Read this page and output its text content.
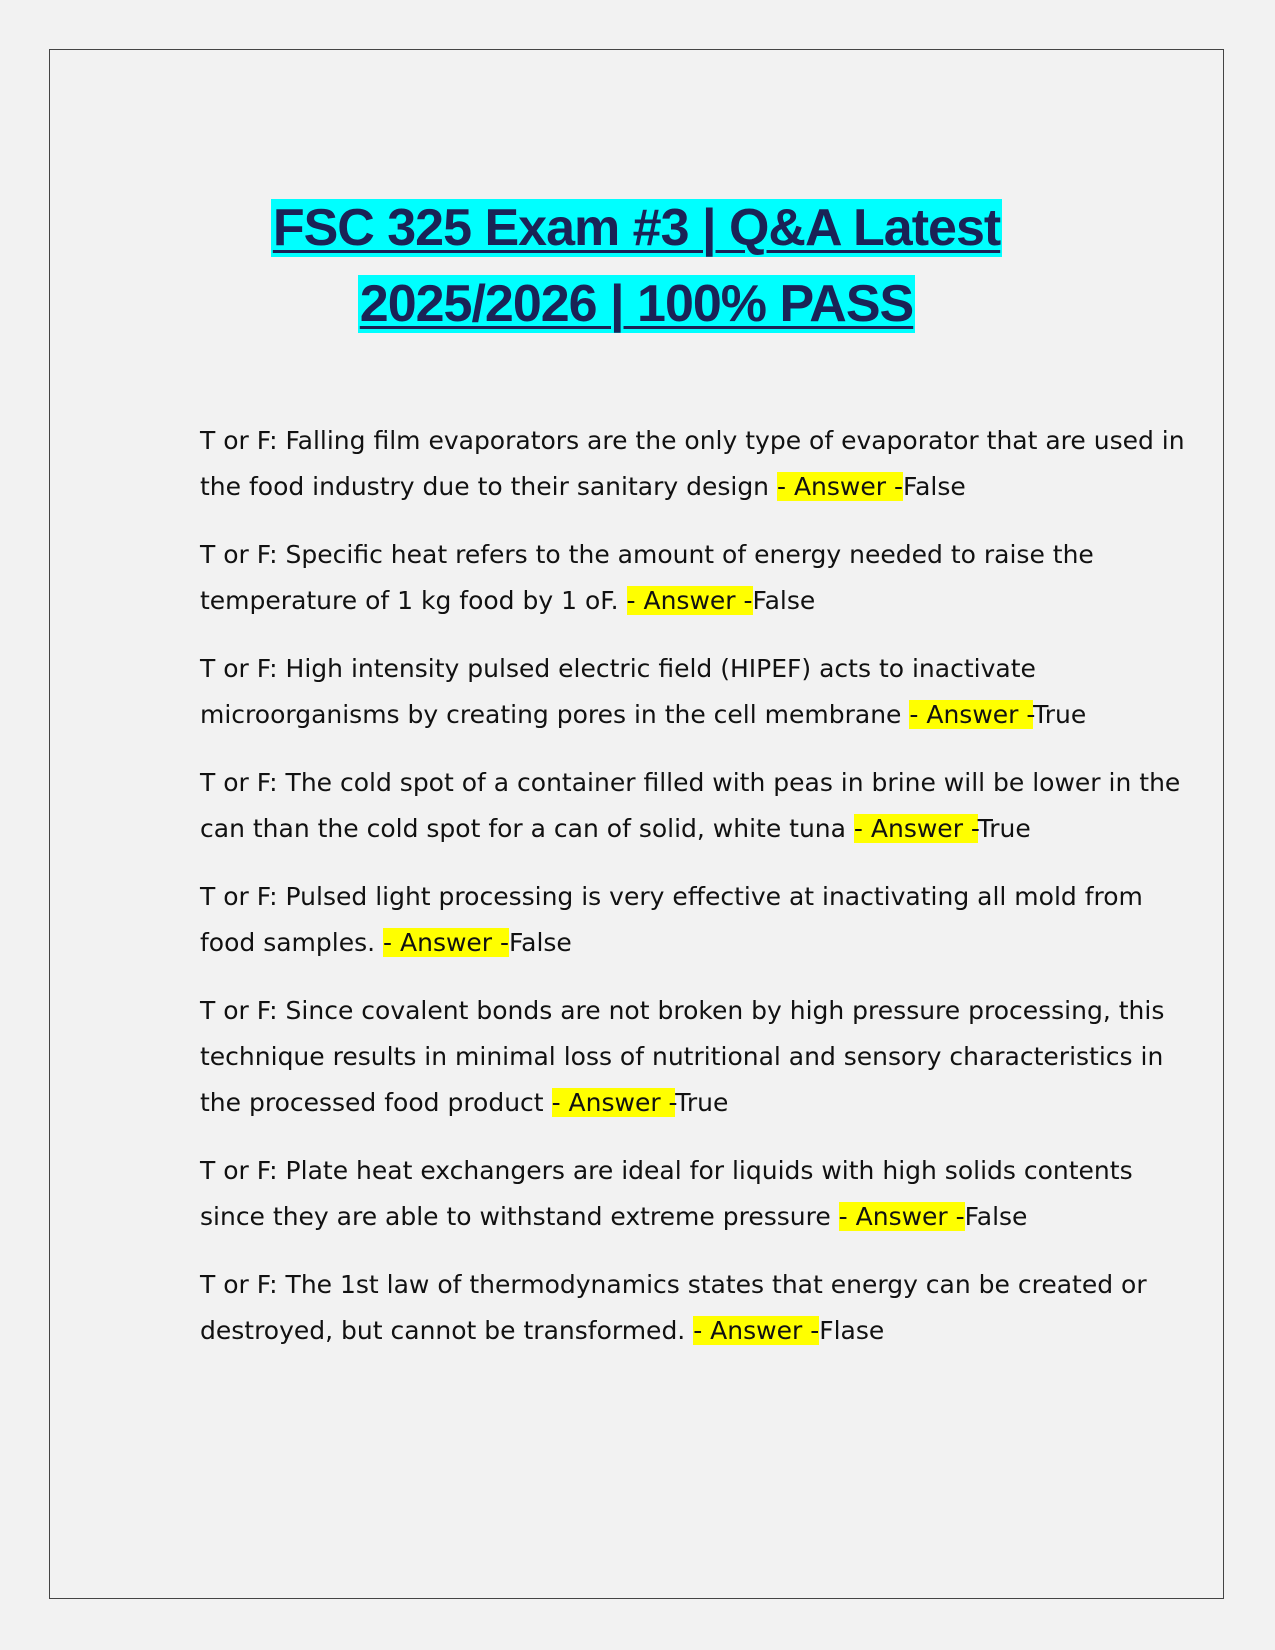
FSC 325 Exam #3 | Q&A Latest
2025/2026 | 100% PASS

T or F: Falling film evaporators are the only type of evaporator that are used in the food industry due to their sanitary design - Answer -False

T or F: Specific heat refers to the amount of energy needed to raise the temperature of 1 kg food by 1 oF. - Answer -False

T or F: High intensity pulsed electric field (HIPEF) acts to inactivate microorganisms by creating pores in the cell membrane - Answer -True

T or F: The cold spot of a container filled with peas in brine will be lower in the can than the cold spot for a can of solid, white tuna - Answer -True

T or F: Pulsed light processing is very effective at inactivating all mold from food samples. - Answer -False

T or F: Since covalent bonds are not broken by high pressure processing, this technique results in minimal loss of nutritional and sensory characteristics in the processed food product - Answer -True

T or F: Plate heat exchangers are ideal for liquids with high solids contents since they are able to withstand extreme pressure - Answer -False

T or F: The 1st law of thermodynamics states that energy can be created or destroyed, but cannot be transformed. - Answer -Flase
